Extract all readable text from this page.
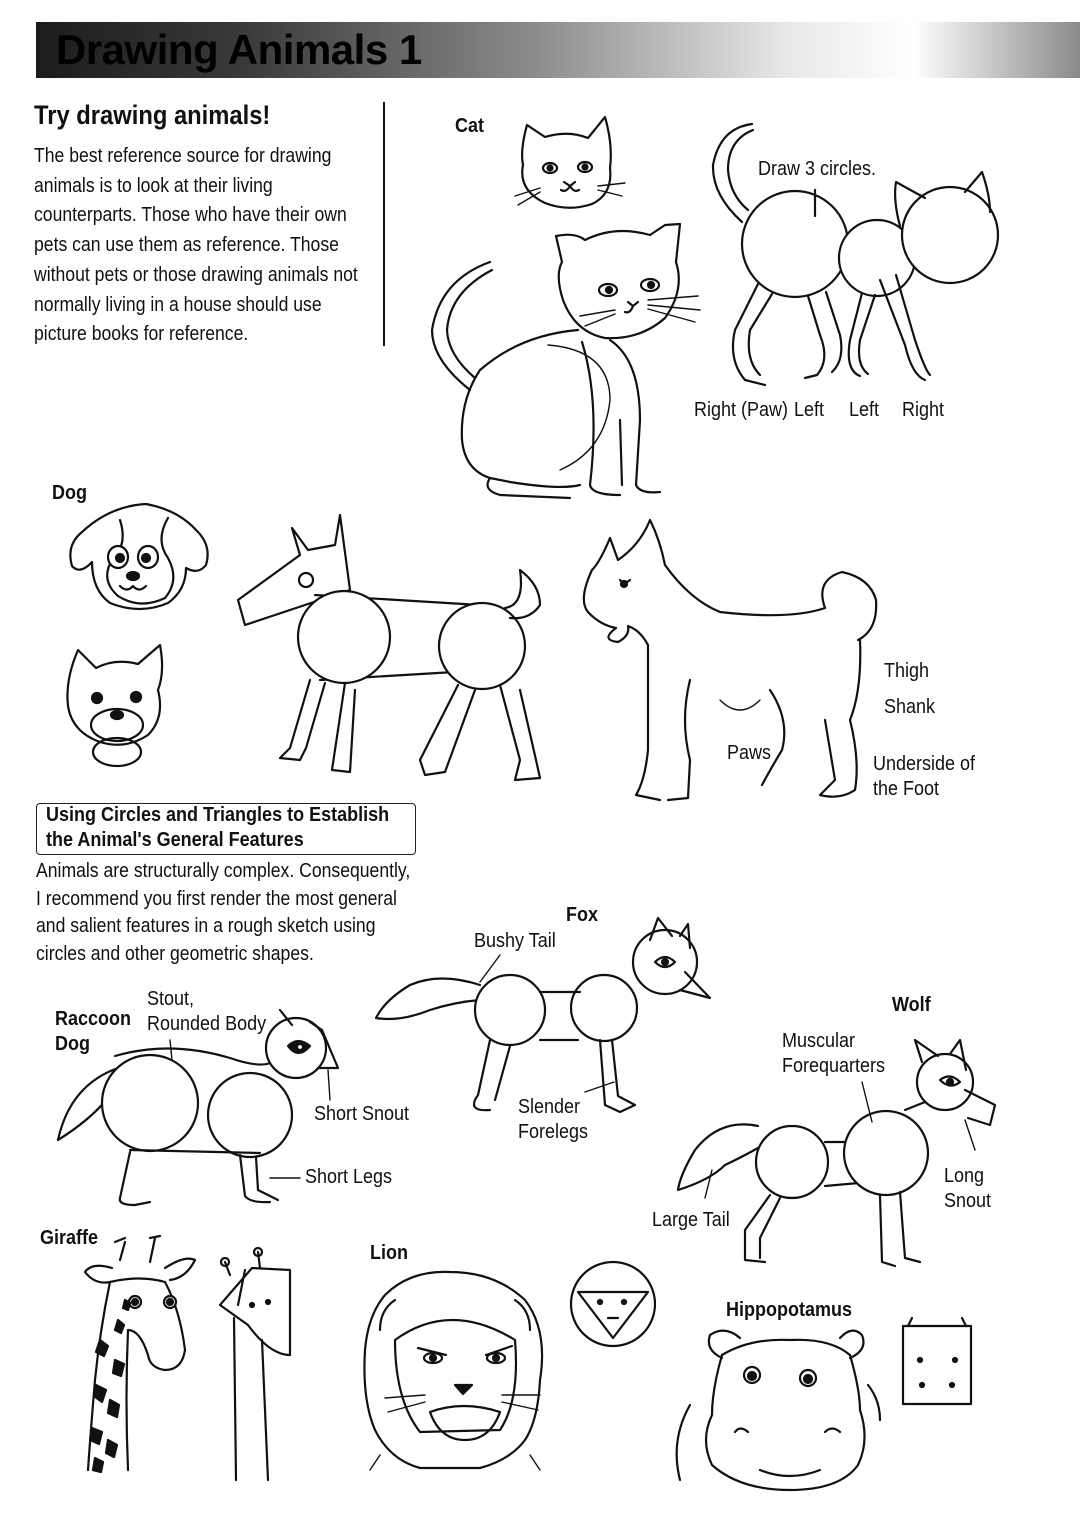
Drawing Animals 1
Try drawing animals!
The best reference source for drawing animals is to look at their living counterparts. Those who have their own pets can use them as reference. Those without pets or those drawing animals not normally living in a house should use picture books for reference.
Cat
Draw 3 circles.
Right (Paw) Left Left Right
Dog
Thigh
Shank
Paws	Underside of the Foot
Using Circles and Triangles to Establish the Animal's General Features
Animals are structurally complex. Consequently, I recommend you first render the most general and salient features in a rough sketch using circles and other geometric shapes.
Raccoon Dog
Stout, Rounded Body
Short Snout
Short Legs
Fox
Bushy Tail
Slender Forelegs
Wolf
Muscular Forequarters
Long Snout
Large Tail
Giraffe
Lion
Hippopotamus
